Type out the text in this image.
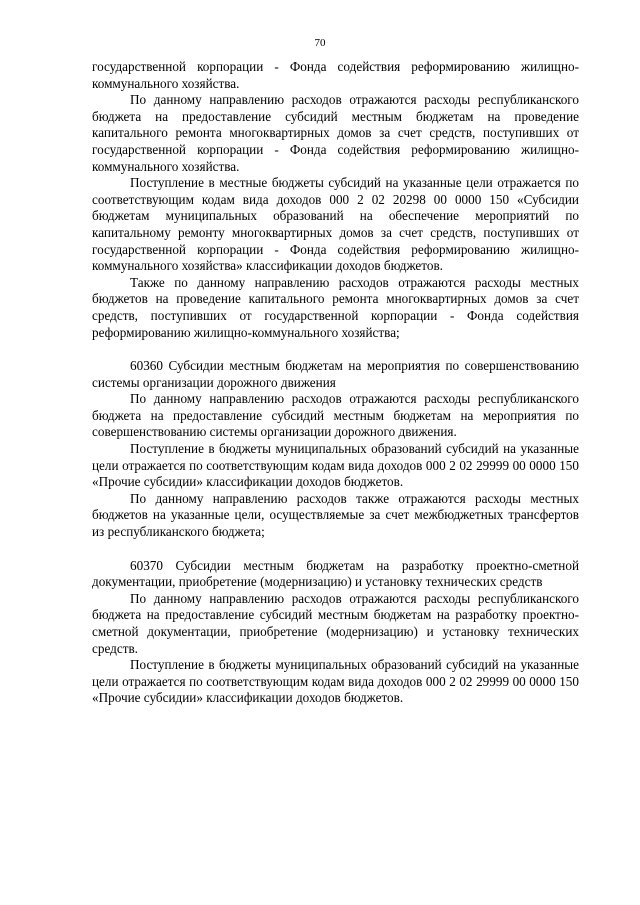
70

государственной корпорации - Фонда содействия реформированию жилищно-коммунального хозяйства.

По данному направлению расходов отражаются расходы республиканского бюджета на предоставление субсидий местным бюджетам на проведение капитального ремонта многоквартирных домов за счет средств, поступивших от государственной корпорации - Фонда содействия реформированию жилищно-коммунального хозяйства.

Поступление в местные бюджеты субсидий на указанные цели отражается по соответствующим кодам вида доходов 000 2 02 20298 00 0000 150 «Субсидии бюджетам муниципальных образований на обеспечение мероприятий по капитальному ремонту многоквартирных домов за счет средств, поступивших от государственной корпорации - Фонда содействия реформированию жилищно-коммунального хозяйства» классификации доходов бюджетов.

Также по данному направлению расходов отражаются расходы местных бюджетов на проведение капитального ремонта многоквартирных домов за счет средств, поступивших от государственной корпорации - Фонда содействия реформированию жилищно-коммунального хозяйства;

60360 Субсидии местным бюджетам на мероприятия по совершенствованию системы организации дорожного движения

По данному направлению расходов отражаются расходы республиканского бюджета на предоставление субсидий местным бюджетам на мероприятия по совершенствованию системы организации дорожного движения.

Поступление в бюджеты муниципальных образований субсидий на указанные цели отражается по соответствующим кодам вида доходов 000 2 02 29999 00 0000 150 «Прочие субсидии» классификации доходов бюджетов.

По данному направлению расходов также отражаются расходы местных бюджетов на указанные цели, осуществляемые за счет межбюджетных трансфертов из республиканского бюджета;

60370 Субсидии местным бюджетам на разработку проектно-сметной документации, приобретение (модернизацию) и установку технических средств

По данному направлению расходов отражаются расходы республиканского бюджета на предоставление субсидий местным бюджетам на разработку проектно-сметной документации, приобретение (модернизацию) и установку технических средств.

Поступление в бюджеты муниципальных образований субсидий на указанные цели отражается по соответствующим кодам вида доходов 000 2 02 29999 00 0000 150 «Прочие субсидии» классификации доходов бюджетов.
